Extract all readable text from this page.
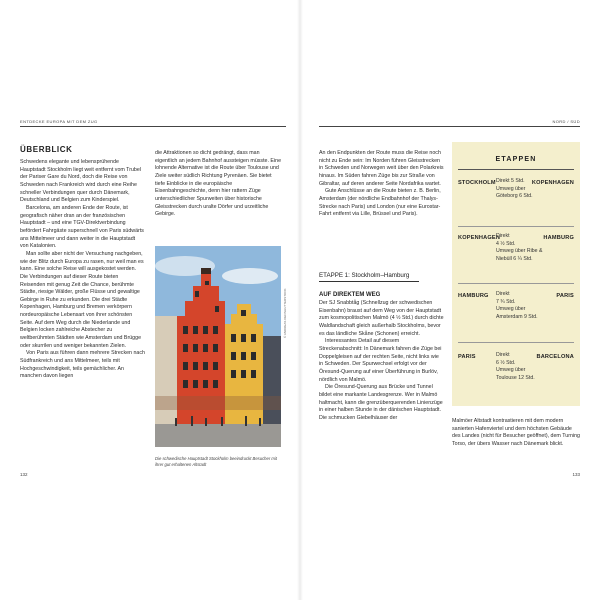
ENTDECKE EUROPA MIT DEM ZUG	NORD / SÜD
ÜBERBLICK

Schwedens elegante und lebensprühende Hauptstadt Stockholm liegt weit entfernt vom Trubel der Pariser Gare du Nord, doch die Reise von Schweden nach Frankreich wird durch eine Reihe schneller Verbindungen quer durch Dänemark, Deutschland und Belgien zum Kinderspiel.

Barcelona, am anderen Ende der Route, ist geografisch näher dran an der französischen Hauptstadt – und eine TGV-Direktverbindung befördert Fahrgäste superschnell von Paris südwärts ans Mittelmeer und dann weiter in die Hauptstadt von Katalonien.

Man sollte aber nicht der Versuchung nachgeben, wie der Blitz durch Europa zu rasen, nur weil man es kann. Eine solche Reise will ausgekostet werden. Die Verbindungen auf dieser Route bieten Reisenden mit genug Zeit die Chance, berühmte Städte, riesige Wälder, große Flüsse und gewaltige Gebirge in Ruhe zu erkunden. Die drei Städte Kopenhagen, Hamburg und Bremen verkörpern nordeuropäische Lebensart von ihrer schönsten Seite. Auf dem Weg durch die Niederlande und Belgien locken zahlreiche Abstecher zu weltberühmten Städten wie Amsterdam und Brügge oder skurrilen und weniger bekannten Zielen.

Von Paris aus führen dann mehrere Strecken nach Südfrankreich und ans Mittelmeer, teils mit Hochgeschwindigkeit, teils gemächlicher. An manchen davon liegen

die Attraktionen so dicht gedrängt, dass man eigentlich an jedem Bahnhof aussteigen müsste. Eine lohnende Alternative ist die Route über Toulouse und Ziele weiter südlich Richtung Pyrenäen. Sie bietet tiefe Einblicke in die europäische Eisenbahngeschichte, denn hier rattern Züge unterschiedlicher Spurweiten über historische Gleisstrecken durch uralte Dörfer und urzeitliche Gebirge.

© ANDREAS DEF/SHUTTERSTOCK
Die schwedische Hauptstadt Stockholm beeindruckt Besucher mit ihrer gut erhaltenen Altstadt
132

An den Endpunkten der Route muss die Reise noch nicht zu Ende sein: Im Norden führen Gleisstrecken in Schweden und Norwegen weit über den Polarkreis hinaus. Im Süden fahren Züge bis zur Straße von Gibraltar, auf deren anderer Seite Nordafrika wartet.

Gute Anschlüsse an die Route bieten z. B. Berlin, Amsterdam (der nördliche Endbahnhof der Thalys-Strecke nach Paris) und London (nur eine Eurostar-Fahrt entfernt via Lille, Brüssel und Paris).

ETAPPE 1: Stockholm–Hamburg
AUF DIREKTEM WEG

Der SJ Snabbtåg (Schnellzug der schwedischen Eisenbahn) braust auf dem Weg von der Hauptstadt zum kosmopolitischen Malmö (4 ½ Std.) durch dichte Waldlandschaft gleich außerhalb Stockholms, bevor es das ländliche Skåne (Schonen) erreicht.

Interessantes Detail auf diesem Streckenabschnitt: In Dänemark fahren die Züge bei Doppelgleisen auf der rechten Seite, nicht links wie in Schweden. Der Spurwechsel erfolgt vor der Öresund-Querung auf einer Überführung in Burlöv, nördlich von Malmö.

Die Öresund-Querung aus Brücke und Tunnel bildet eine markante Landesgrenze. Wer in Malmö haltmacht, kann die grenzüberquerenden Linienzüge in einer halben Stunde in der dänischen Hauptstadt. Die schmucken Giebelhäuser der

ETAPPEN
STOCKHOLM Direkt 5 Std.

Umweg über Göteborg 6 Std.

KOPENHAGEN
KOPENHAGEN

Direkt

4 ½ Std.

Umweg über Ribe & Niebüll 6 ¼ Std.

HAMBURG
HAMBURG Direkt

7 ¾ Std.

Umweg über Amsterdam 9 Std.

PARIS
PARIS	Direkt

6 ½ Std.

Umweg über Toulouse 12 Std.

BARCELONA

Malmöer Altstadt kontrastieren mit dem modern sanierten Hafenviertel und dem höchsten Gebäude des Landes (nicht für Besucher geöffnet), dem Turning Torso, der übers Wasser nach Dänemark blickt.

133
